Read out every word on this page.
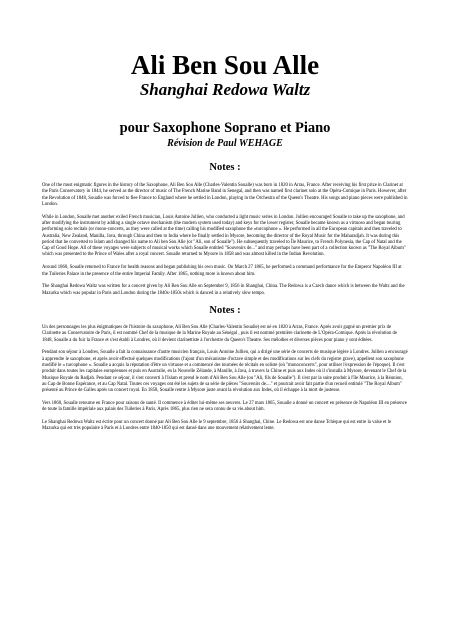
Ali Ben Sou Alle
Shanghai Redowa Waltz
pour Saxophone Soprano et Piano
Révision de Paul WEHAGE
Notes :

One of the most enigmatic figures in the history of the Saxophone, Ali Ben Sou Alle (Charles-Valentin Soualle) was born in 1820 in Arras, France. After receiving his first prize in Clarinet at the Paris Conservatory in 1844, he served as the director of music of The French Marine Band in Senegal, and then was named first clarinet solo at the Opéra-Comique in Paris. However, after the Revolution of 1848, Soualle was forced to flee France to England where he settled in London, playing in the Orchestra of the Queen's Theatre. His songs and piano pieces were published in London.

While in London, Soualle met another exiled French musician, Louis Antoine Jullien, who conducted a light music series in London. Jullien encouraged Soualle to take up the saxophone, and after modifying the instrument by adding a single octave mechanism (the modern system used today) and keys for the lower register, Soualle became known as a virtuoso and began touring performing solo recitals (or mono-concerts, as they were called at the time) calling his modified saxophone the «turcophone ». He performed in all the European capitals and then traveled to Australia, New Zealand, Manilla, Java, through China and then to India where he finally settled in Mysore, becoming the director of the Royal Music for the Maharadjah. It was during this period that he converted to Islam and changed his name to Ali ben Sou Alle (or "Ali, son of Soualle"). He subsequently traveled to Île Maurice, to French Polynesia, the Cap of Natal and the Cap of Good Hope. All of these voyages were subjects of musical works which Soualle entitled "Souvenirs de..." and may perhaps have been part of a collection known as "The Royal Album" which was presented to the Prince of Wales after a royal concert. Soualle returned to Mysore in 1858 and was almost killed in the Indian Revolution.

Around 1860, Soualle returned to France for health reasons and began publishing his own music. On March 27 1865, he performed a command performance for the Emperor Napoléon III at the Tuileries Palace in the presence of the entire Imperial Family. After 1865, nothing more is known about him.

The Shanghai Redowa Waltz was written for a concert given by Ali Ben Sou Alle on September 9, 1856 in Shanghai, China. The Redowa is a Czech dance which is between the Waltz and the Mazurka which was popular in Paris and London during the 1840s-1850s which is danced in a relatively slow tempo.

Notes :

Un des personnages les plus énigmatiques de l'histoire du saxophone, Ali Ben Sou Alle (Charles-Valentin Soualle) est né en 1820 à Arras, France. Après avoir gagné un premier prix de Clarinette au Conservatoire de Paris, il est nommé Chef de la musique de la Marine Royale au Sénégal , puis il est nommé première clarinette de L'Opéra-Comique. Après la révolution de 1848, Soualle a du fuir la France et s'est établi à Londres, où il devient clarinettiste à l'orchestre du Queen's Theatre. Ses mélodies et diverses pièces pour piano y sont éditées.

Pendant son séjour à Londres, Soualle a fait la connaissance d'autre musicien français, Louis Antoine Jullien, qui a dirigé une série de concerts de musique légère à Londres. Jullien a encouragé à apprendre le saxophone, et après avoir effectué quelques modifications (l'ajout d'un mécanisme d'octave simple et des modifications sur les clefs du registre grave), appellent son saxophone modifié le « turcophone ». Soualle a acquis la réputation d'être un virtuose et a commencé des tournées de récitals en soliste (où "monoconcerts", pour utiliser l'expression de l'époque). Il s'est produit dans toutes les capitales européennes et puis en Australie, en la Nouvelle Zélande, à Manille, à Java, à travers la Chine et puis aux Indes où il s'installa à Mysore, devenant le Chef de la Musique Royale du Radjah. Pendant ce séjour, il s'est converti à l'Islam et prend le nom d'Ali Ben Sou Alle (ou "Ali, fils de Soualle"). Il s'est par la suite produit à l'île Maurice, à la Réunion, au Cap de Bonne Espérance, et au Cap Natal. Toutes ces voyages ont été les sujets de sa série de pièces "Souvenirs de...." et pourrait avoir fait partie d'un recueil entitulé "The Royal Album" présenté au Prince de Galles après un concert royal. En 1858, Soualle rentre à Mysore juste avant la révolution aux Indes, où il échappe à la mort de justesse.

Vers 1860, Soualle retourne en France pour raisons de santé. Il commence à éditer lui-même ses oeuvres. Le 27 mars 1865, Soualle a donné un concert en présence de Napoléon III en présence de toute la famille impériale aux palais des Tuileries à Paris. Après 1865, plus rien ne sera connu de sa vie.about him.

Le Shanghai Redowa Waltz est écrite pour un concert donné par Ali Ben Sou Alle le 9 septembre, 1856 à Shanghai, Chine. Le Redowa est une danse Tchèque qui est entre la valse et le Mazurka qui est très populaire à Paris et à Londres entre 1840-1850 qui est dansé dans une mouvement rélativement lente.
